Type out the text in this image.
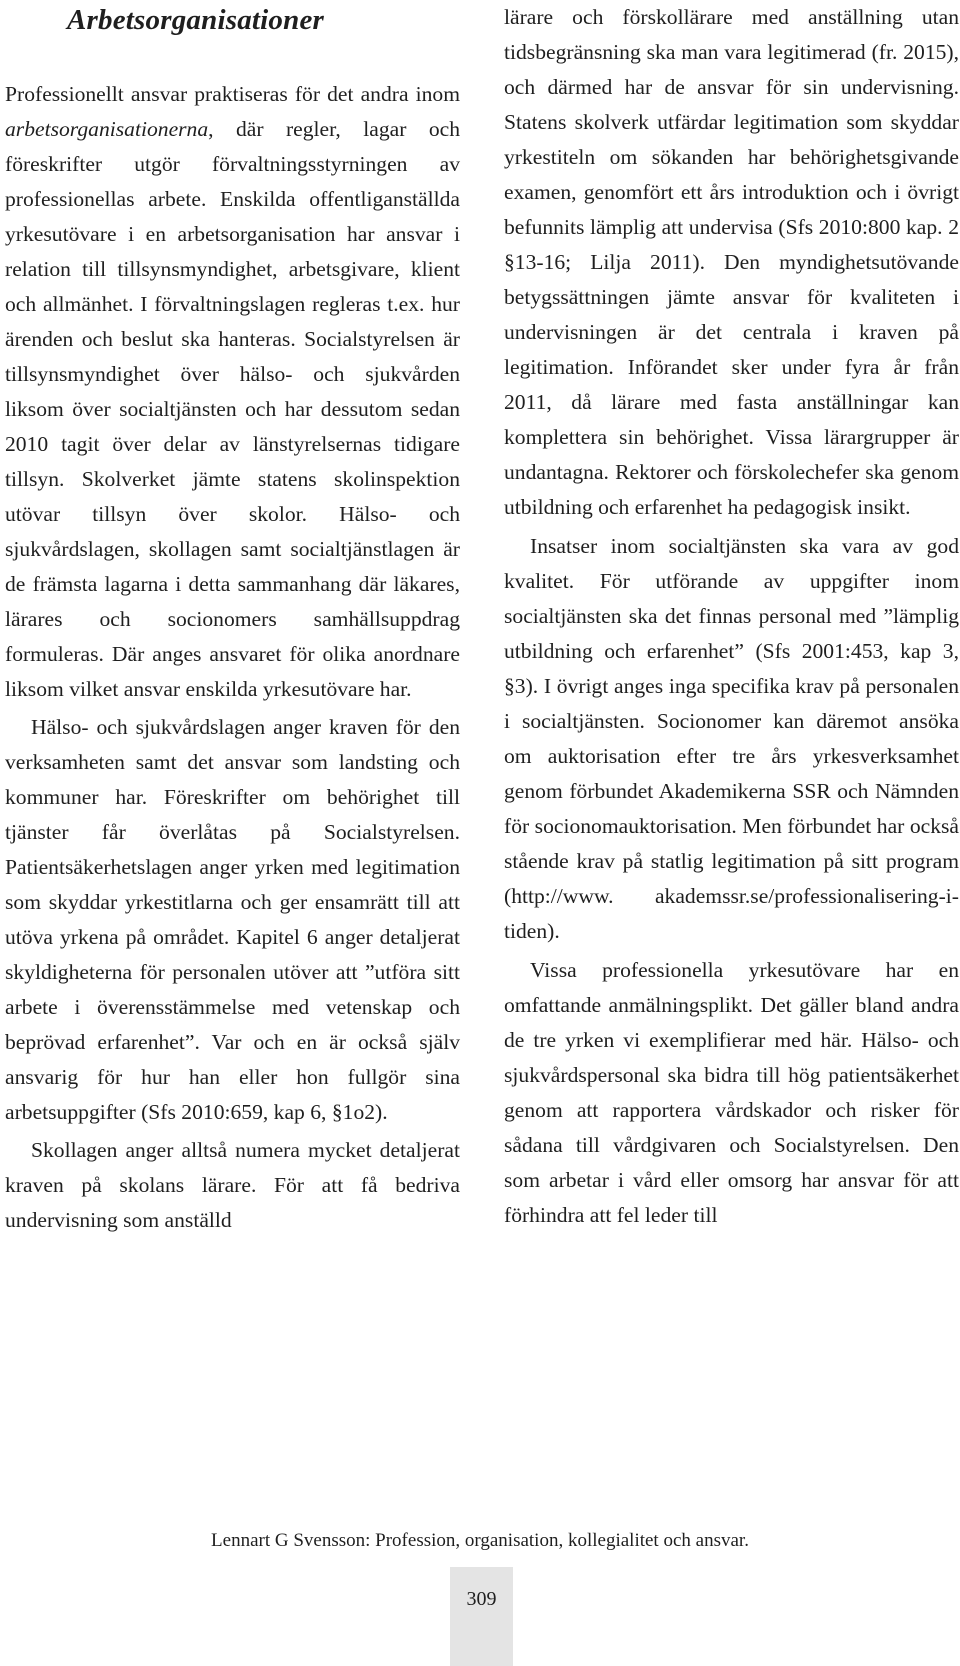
Arbetsorganisationer

Professionellt ansvar praktiseras för det andra inom arbetsorganisationerna, där regler, lagar och föreskrifter utgör förvaltningsstyrningen av professionellas arbete. Enskilda offentliganställda yrkesutövare i en arbetsorganisation har ansvar i relation till tillsynsmyndighet, arbetsgivare, klient och allmänhet. I förvaltningslagen regleras t.ex. hur ärenden och beslut ska hanteras. Socialstyrelsen är tillsynsmyndighet över hälso- och sjukvården liksom över socialtjänsten och har dessutom sedan 2010 tagit över delar av länstyrelsernas tidigare tillsyn. Skolverket jämte statens skolinspektion utövar tillsyn över skolor. Hälso- och sjukvårdslagen, skollagen samt socialtjänstlagen är de främsta lagarna i detta sammanhang där läkares, lärares och socionomers samhällsuppdrag formuleras. Där anges ansvaret för olika anordnare liksom vilket ansvar enskilda yrkesutövare har.

Hälso- och sjukvårdslagen anger kraven för den verksamheten samt det ansvar som landsting och kommuner har. Föreskrifter om behörighet till tjänster får överlåtas på Socialstyrelsen. Patientsäkerhetslagen anger yrken med legitimation som skyddar yrkestitlarna och ger ensamrätt till att utöva yrkena på området. Kapitel 6 anger detaljerat skyldigheterna för personalen utöver att ”utföra sitt arbete i överensstämmelse med vetenskap och beprövad erfarenhet”. Var och en är också själv ansvarig för hur han eller hon fullgör sina arbetsuppgifter (Sfs 2010:659, kap 6, §1o2).

Skollagen anger alltså numera mycket detaljerat kraven på skolans lärare. För att få bedriva undervisning som anställd

lärare och förskollärare med anställning utan tidsbegränsning ska man vara legitimerad (fr. 2015), och därmed har de ansvar för sin undervisning. Statens skolverk utfärdar legitimation som skyddar yrkestiteln om sökanden har behörighetsgivande examen, genomfört ett års introduktion och i övrigt befunnits lämplig att undervisa (Sfs 2010:800 kap. 2 §13-16; Lilja 2011). Den myndighetsutövande betygssättningen jämte ansvar för kvaliteten i undervisningen är det centrala i kraven på legitimation. Införandet sker under fyra år från 2011, då lärare med fasta anställningar kan komplettera sin behörighet. Vissa lärargrupper är undantagna. Rektorer och förskolechefer ska genom utbildning och erfarenhet ha pedagogisk insikt.

Insatser inom socialtjänsten ska vara av god kvalitet. För utförande av uppgifter inom socialtjänsten ska det finnas personal med ”lämplig utbildning och erfarenhet” (Sfs 2001:453, kap 3, §3). I övrigt anges inga specifika krav på personalen i socialtjänsten. Socionomer kan däremot ansöka om auktorisation efter tre års yrkesverksamhet genom förbundet Akademikerna SSR och Nämnden för socionomauktorisation. Men förbundet har också stående krav på statlig legitimation på sitt program (http://www. akademssr.se/professionalisering-i-tiden).

Vissa professionella yrkesutövare har en omfattande anmälningsplikt. Det gäller bland andra de tre yrken vi exemplifierar med här. Hälso- och sjukvårdspersonal ska bidra till hög patientsäkerhet genom att rapportera vårdskador och risker för sådana till vårdgivaren och Socialstyrelsen. Den som arbetar i vård eller omsorg har ansvar för att förhindra att fel leder till

Lennart G Svensson: Profession, organisation, kollegialitet och ansvar.
309
